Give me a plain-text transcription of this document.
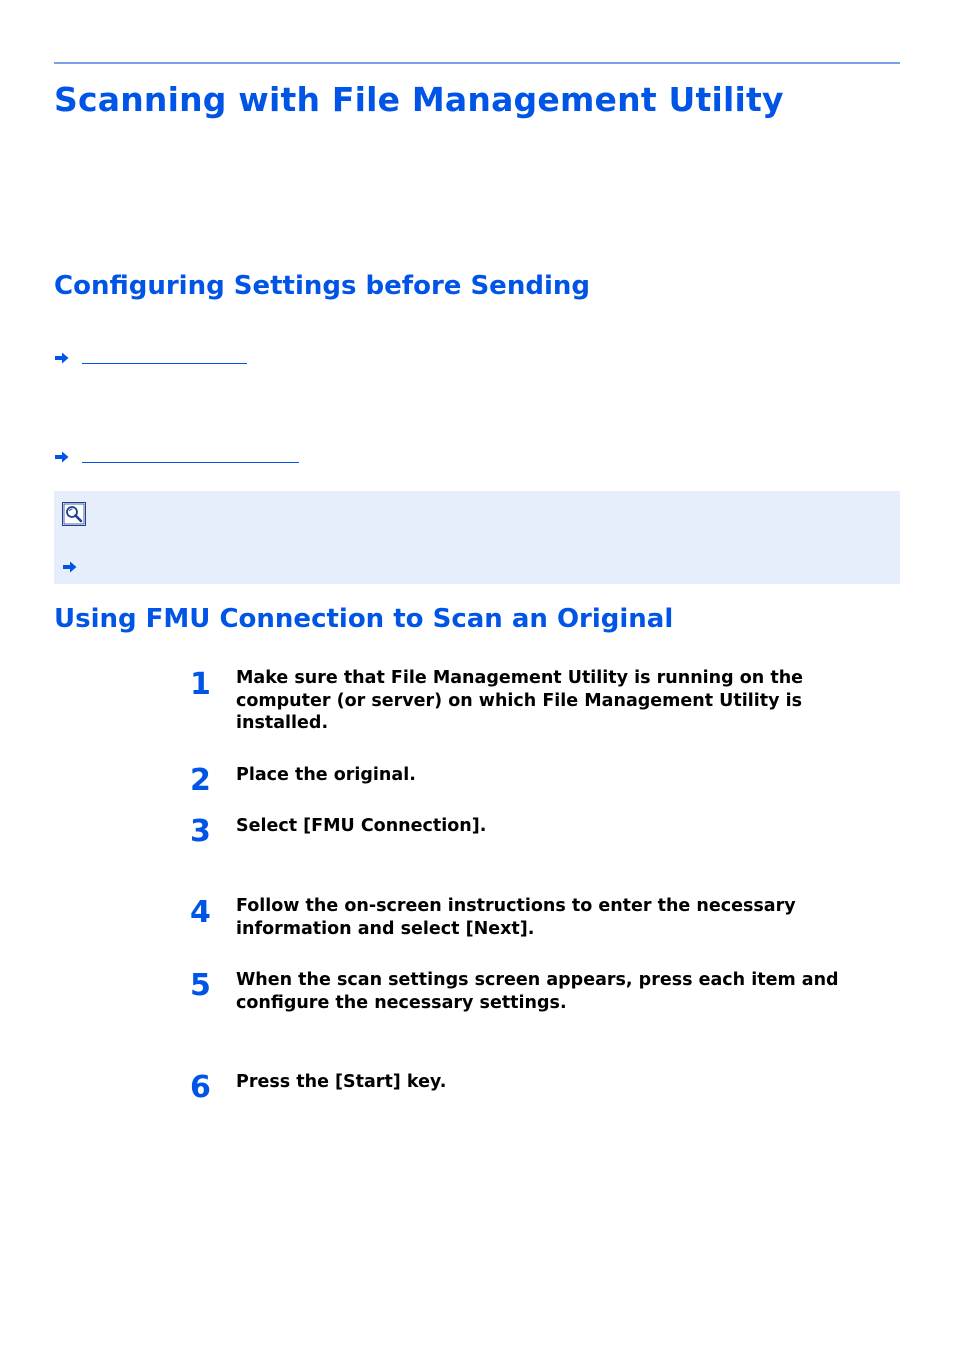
Scanning with File Management Utility
Configuring Settings before Sending
Using FMU Connection to Scan an Original
1 Make sure that File Management Utility is running on the computer (or server) on which File Management Utility is installed.

2 Place the original.

3 Select [FMU Connection].

4 Follow the on-screen instructions to enter the necessary information and select [Next].

5 When the scan settings screen appears, press each item and configure the necessary settings.

6 Press the [Start] key.
